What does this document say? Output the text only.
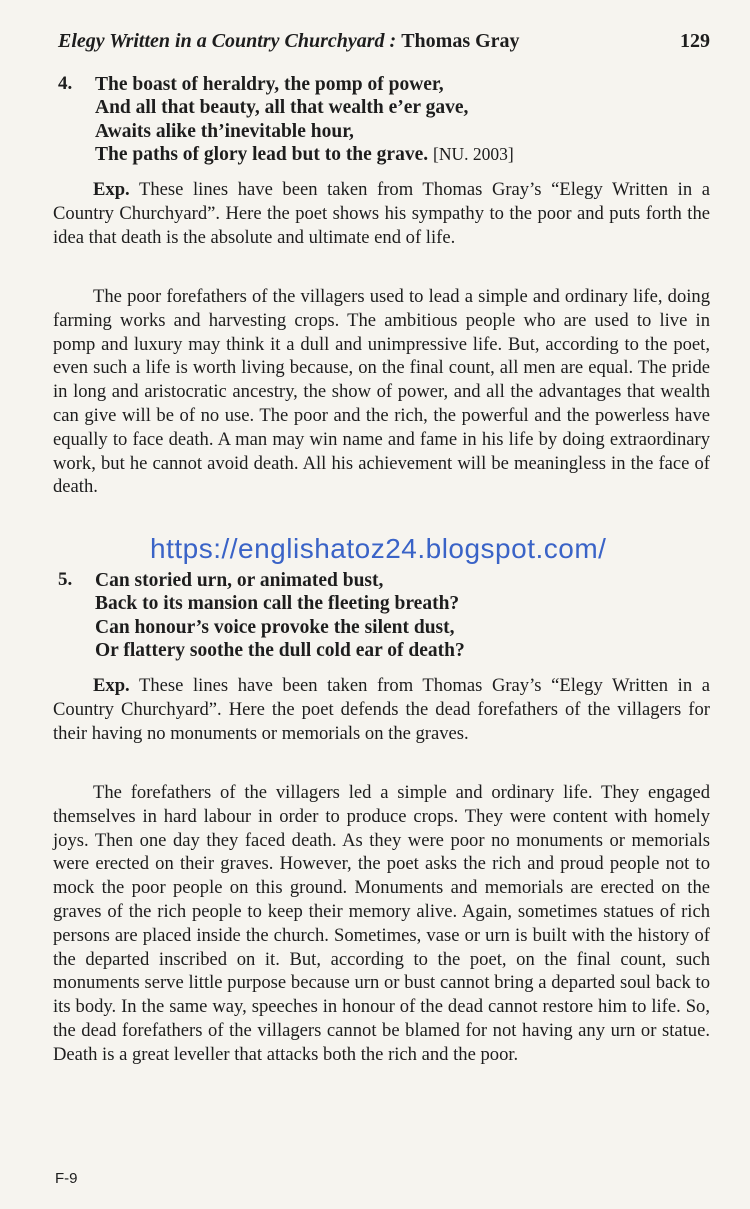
Elegy Written in a Country Churchyard : Thomas Gray	129
4. The boast of heraldry, the pomp of power,
And all that beauty, all that wealth e’er gave,
Awaits alike th’inevitable hour,
The paths of glory lead but to the grave. [NU. 2003]

Exp. These lines have been taken from Thomas Gray’s “Elegy Written in a Country Churchyard”. Here the poet shows his sympathy to the poor and puts forth the idea that death is the absolute and ultimate end of life.

The poor forefathers of the villagers used to lead a simple and ordinary life, doing farming works and harvesting crops. The ambitious people who are used to live in pomp and luxury may think it a dull and unimpressive life. But, according to the poet, even such a life is worth living because, on the final count, all men are equal. The pride in long and aristocratic ancestry, the show of power, and all the advantages that wealth can give will be of no use. The poor and the rich, the powerful and the powerless have equally to face death. A man may win name and fame in his life by doing extraordinary work, but he cannot avoid death. All his achievement will be meaningless in the face of death.

https://englishatoz24.blogspot.com/
5. Can storied urn, or animated bust,
Back to its mansion call the fleeting breath?
Can honour’s voice provoke the silent dust,
Or flattery soothe the dull cold ear of death?

Exp. These lines have been taken from Thomas Gray’s “Elegy Written in a Country Churchyard”. Here the poet defends the dead forefathers of the villagers for their having no monuments or memorials on the graves.

The forefathers of the villagers led a simple and ordinary life. They engaged themselves in hard labour in order to produce crops. They were content with homely joys. Then one day they faced death. As they were poor no monuments or memorials were erected on their graves. However, the poet asks the rich and proud people not to mock the poor people on this ground. Monuments and memorials are erected on the graves of the rich people to keep their memory alive. Again, sometimes statues of rich persons are placed inside the church. Sometimes, vase or urn is built with the history of the departed inscribed on it. But, according to the poet, on the final count, such monuments serve little purpose because urn or bust cannot bring a departed soul back to its body. In the same way, speeches in honour of the dead cannot restore him to life. So, the dead forefathers of the villagers cannot be blamed for not having any urn or statue. Death is a great leveller that attacks both the rich and the poor.

F-9
